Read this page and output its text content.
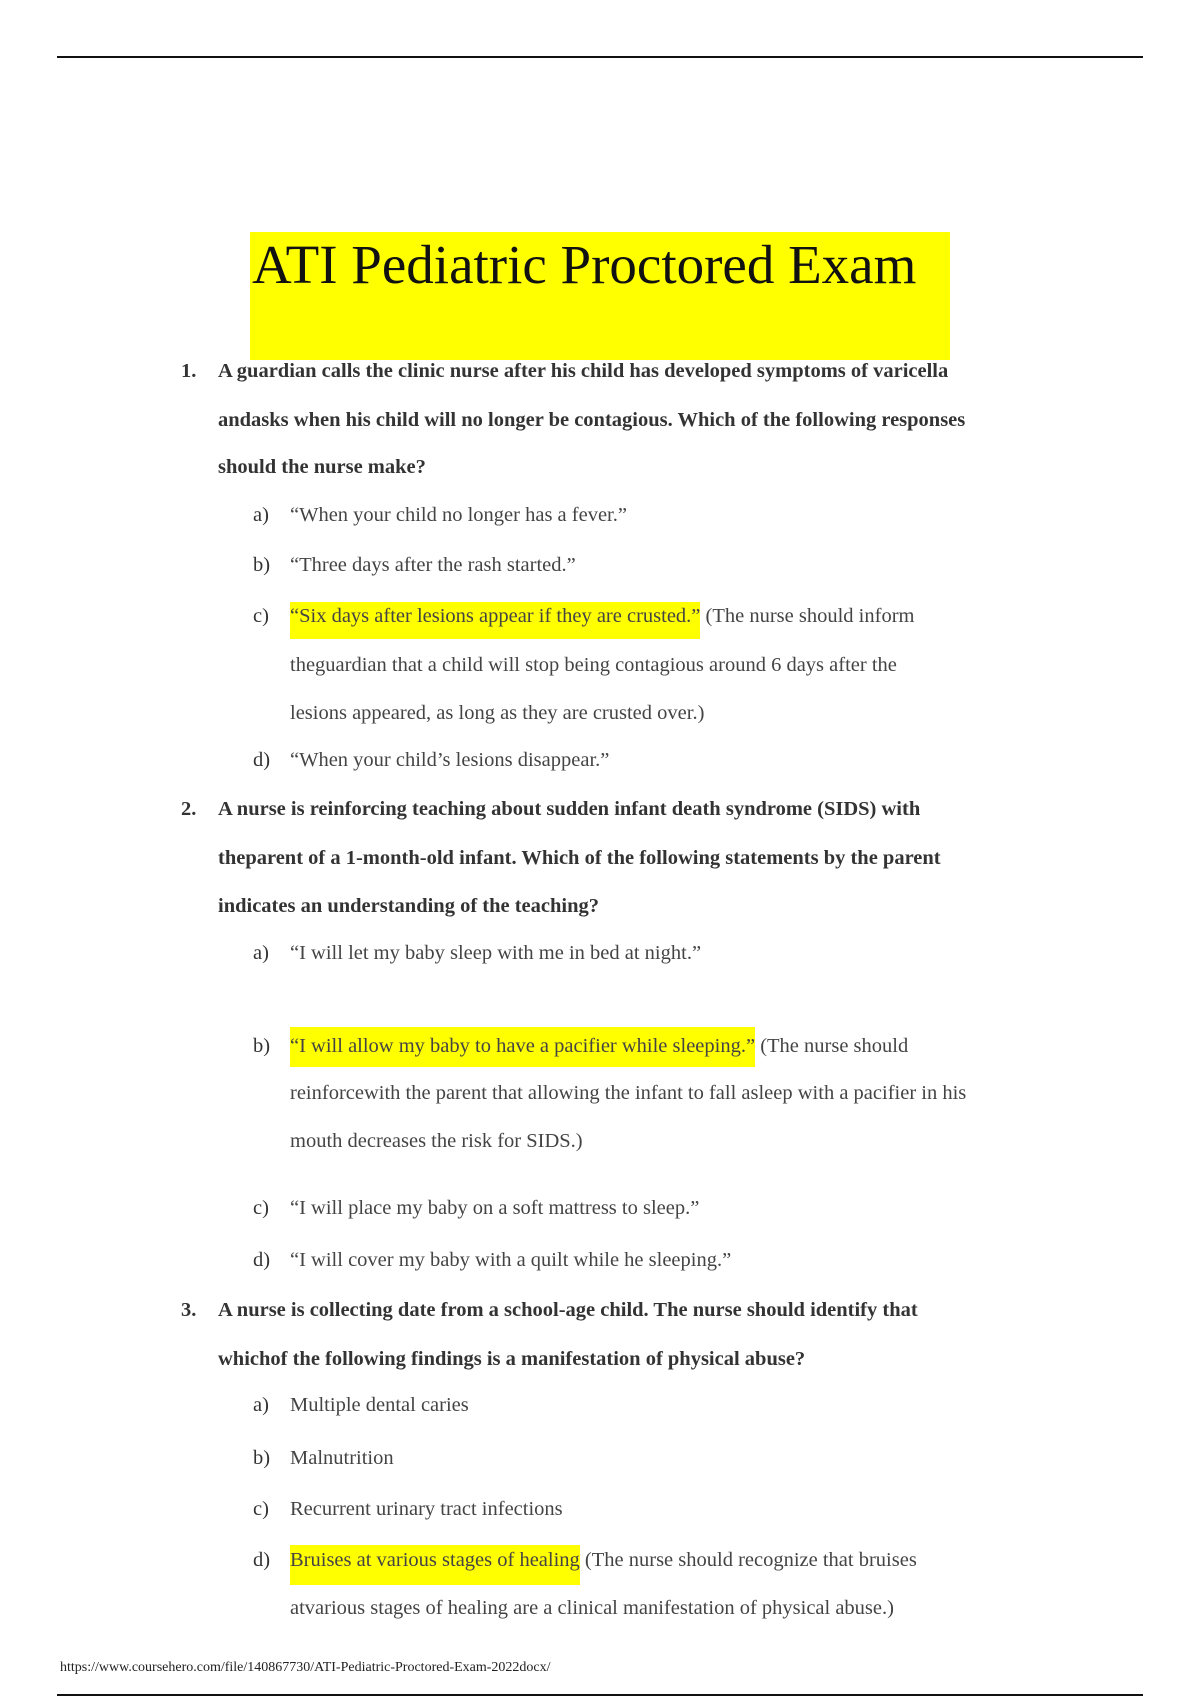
ATI Pediatric Proctored Exam
1. A guardian calls the clinic nurse after his child has developed symptoms of varicella
andasks when his child will no longer be contagious. Which of the following responses
should the nurse make?
a) “When your child no longer has a fever.”
b) “Three days after the rash started.”
c) “Six days after lesions appear if they are crusted.” (The nurse should inform
theguardian that a child will stop being contagious around 6 days after the
lesions appeared, as long as they are crusted over.)
d) “When your child’s lesions disappear.”
2. A nurse is reinforcing teaching about sudden infant death syndrome (SIDS) with
theparent of a 1-month-old infant. Which of the following statements by the parent
indicates an understanding of the teaching?
a) “I will let my baby sleep with me in bed at night.”
b) “I will allow my baby to have a pacifier while sleeping.” (The nurse should
reinforcewith the parent that allowing the infant to fall asleep with a pacifier in his
mouth decreases the risk for SIDS.)
c) “I will place my baby on a soft mattress to sleep.”
d) “I will cover my baby with a quilt while he sleeping.”
3. A nurse is collecting date from a school-age child. The nurse should identify that
whichof the following findings is a manifestation of physical abuse?
a) Multiple dental caries
b) Malnutrition
c) Recurrent urinary tract infections
d) Bruises at various stages of healing (The nurse should recognize that bruises
atvarious stages of healing are a clinical manifestation of physical abuse.)
https://www.coursehero.com/file/140867730/ATI-Pediatric-Proctored-Exam-2022docx/
